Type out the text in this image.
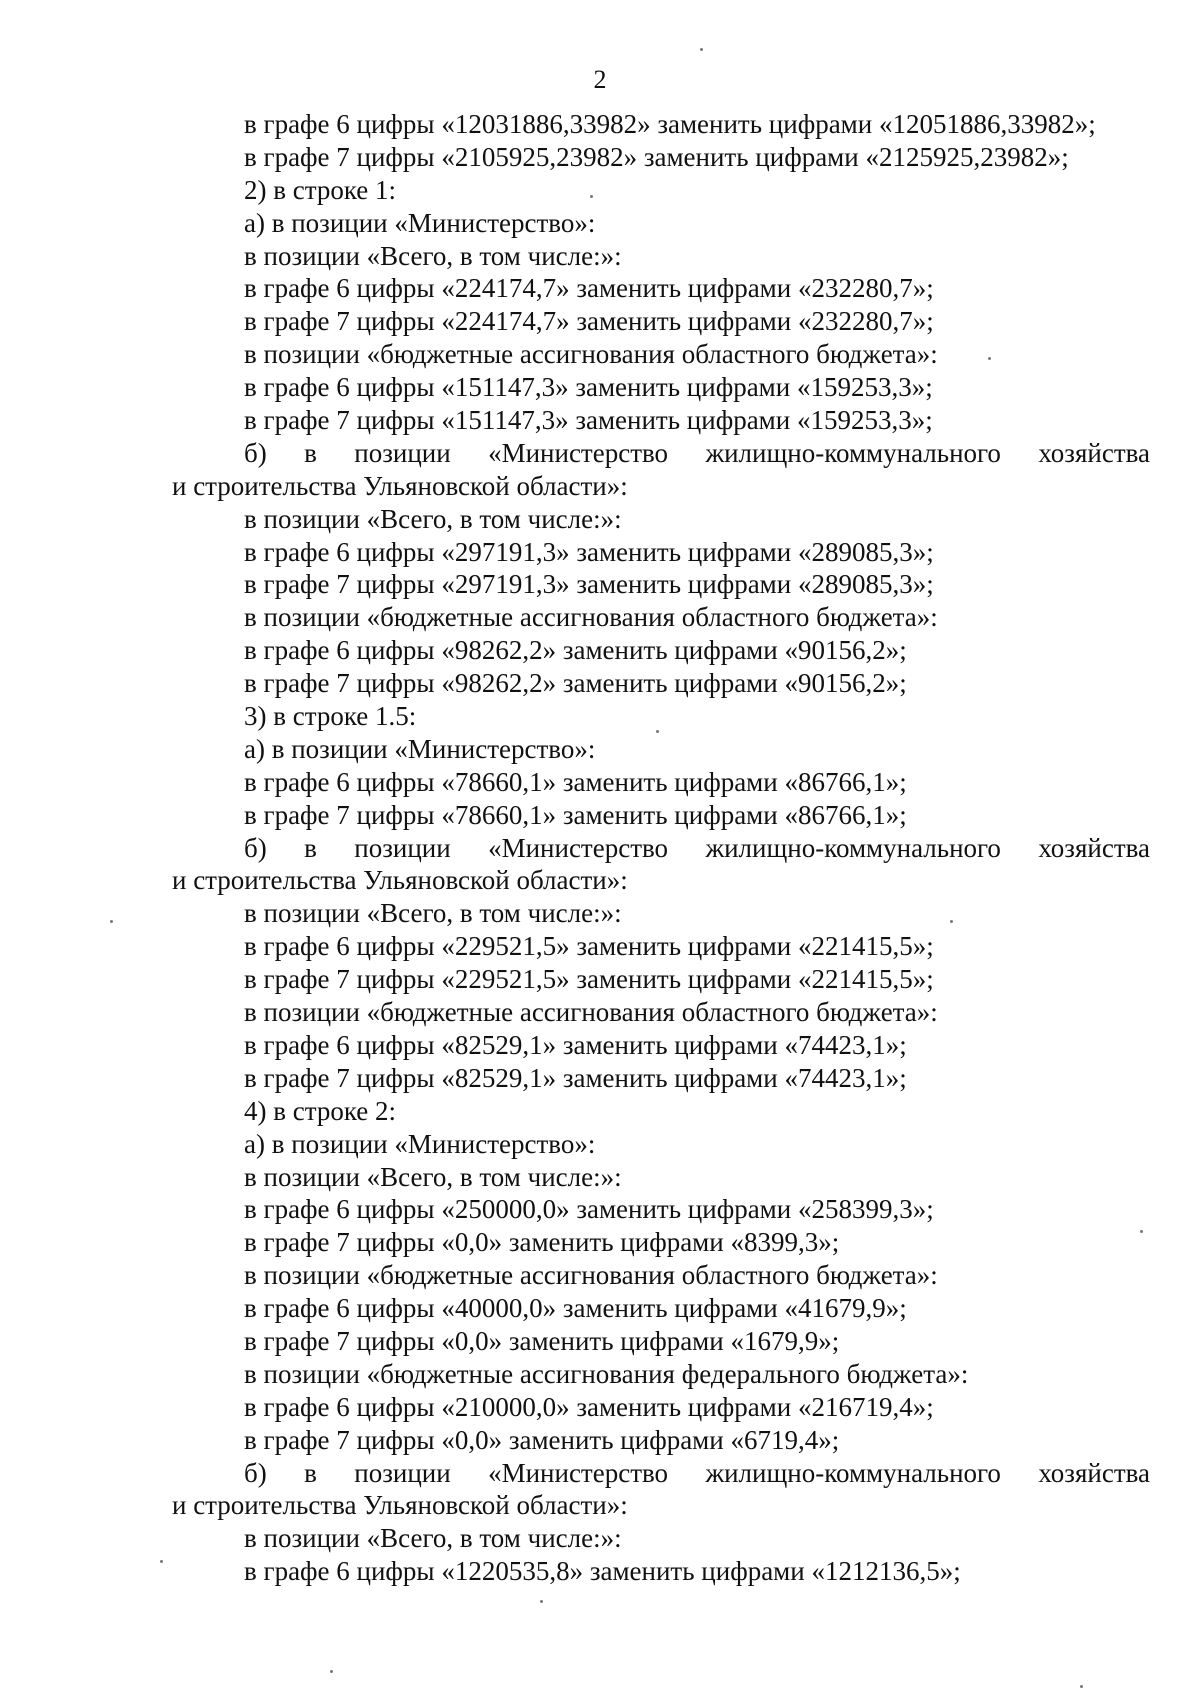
2
в графе 6 цифры «12031886,33982» заменить цифрами «12051886,33982»;
в графе 7 цифры «2105925,23982» заменить цифрами «2125925,23982»;
2) в строке 1:
а) в позиции «Министерство»:
в позиции «Всего, в том числе:»:
в графе 6 цифры «224174,7» заменить цифрами «232280,7»;
в графе 7 цифры «224174,7» заменить цифрами «232280,7»;
в позиции «бюджетные ассигнования областного бюджета»:
в графе 6 цифры «151147,3» заменить цифрами «159253,3»;
в графе 7 цифры «151147,3» заменить цифрами «159253,3»;
б) в позиции «Министерство жилищно-коммунального хозяйства
и строительства Ульяновской области»:
в позиции «Всего, в том числе:»:
в графе 6 цифры «297191,3» заменить цифрами «289085,3»;
в графе 7 цифры «297191,3» заменить цифрами «289085,3»;
в позиции «бюджетные ассигнования областного бюджета»:
в графе 6 цифры «98262,2» заменить цифрами «90156,2»;
в графе 7 цифры «98262,2» заменить цифрами «90156,2»;
3) в строке 1.5:
а) в позиции «Министерство»:
в графе 6 цифры «78660,1» заменить цифрами «86766,1»;
в графе 7 цифры «78660,1» заменить цифрами «86766,1»;
б) в позиции «Министерство жилищно-коммунального хозяйства
и строительства Ульяновской области»:
в позиции «Всего, в том числе:»:
в графе 6 цифры «229521,5» заменить цифрами «221415,5»;
в графе 7 цифры «229521,5» заменить цифрами «221415,5»;
в позиции «бюджетные ассигнования областного бюджета»:
в графе 6 цифры «82529,1» заменить цифрами «74423,1»;
в графе 7 цифры «82529,1» заменить цифрами «74423,1»;
4) в строке 2:
а) в позиции «Министерство»:
в позиции «Всего, в том числе:»:
в графе 6 цифры «250000,0» заменить цифрами «258399,3»;
в графе 7 цифры «0,0» заменить цифрами «8399,3»;
в позиции «бюджетные ассигнования областного бюджета»:
в графе 6 цифры «40000,0» заменить цифрами «41679,9»;
в графе 7 цифры «0,0» заменить цифрами «1679,9»;
в позиции «бюджетные ассигнования федерального бюджета»:
в графе 6 цифры «210000,0» заменить цифрами «216719,4»;
в графе 7 цифры «0,0» заменить цифрами «6719,4»;
б) в позиции «Министерство жилищно-коммунального хозяйства
и строительства Ульяновской области»:
в позиции «Всего, в том числе:»:
в графе 6 цифры «1220535,8» заменить цифрами «1212136,5»;
